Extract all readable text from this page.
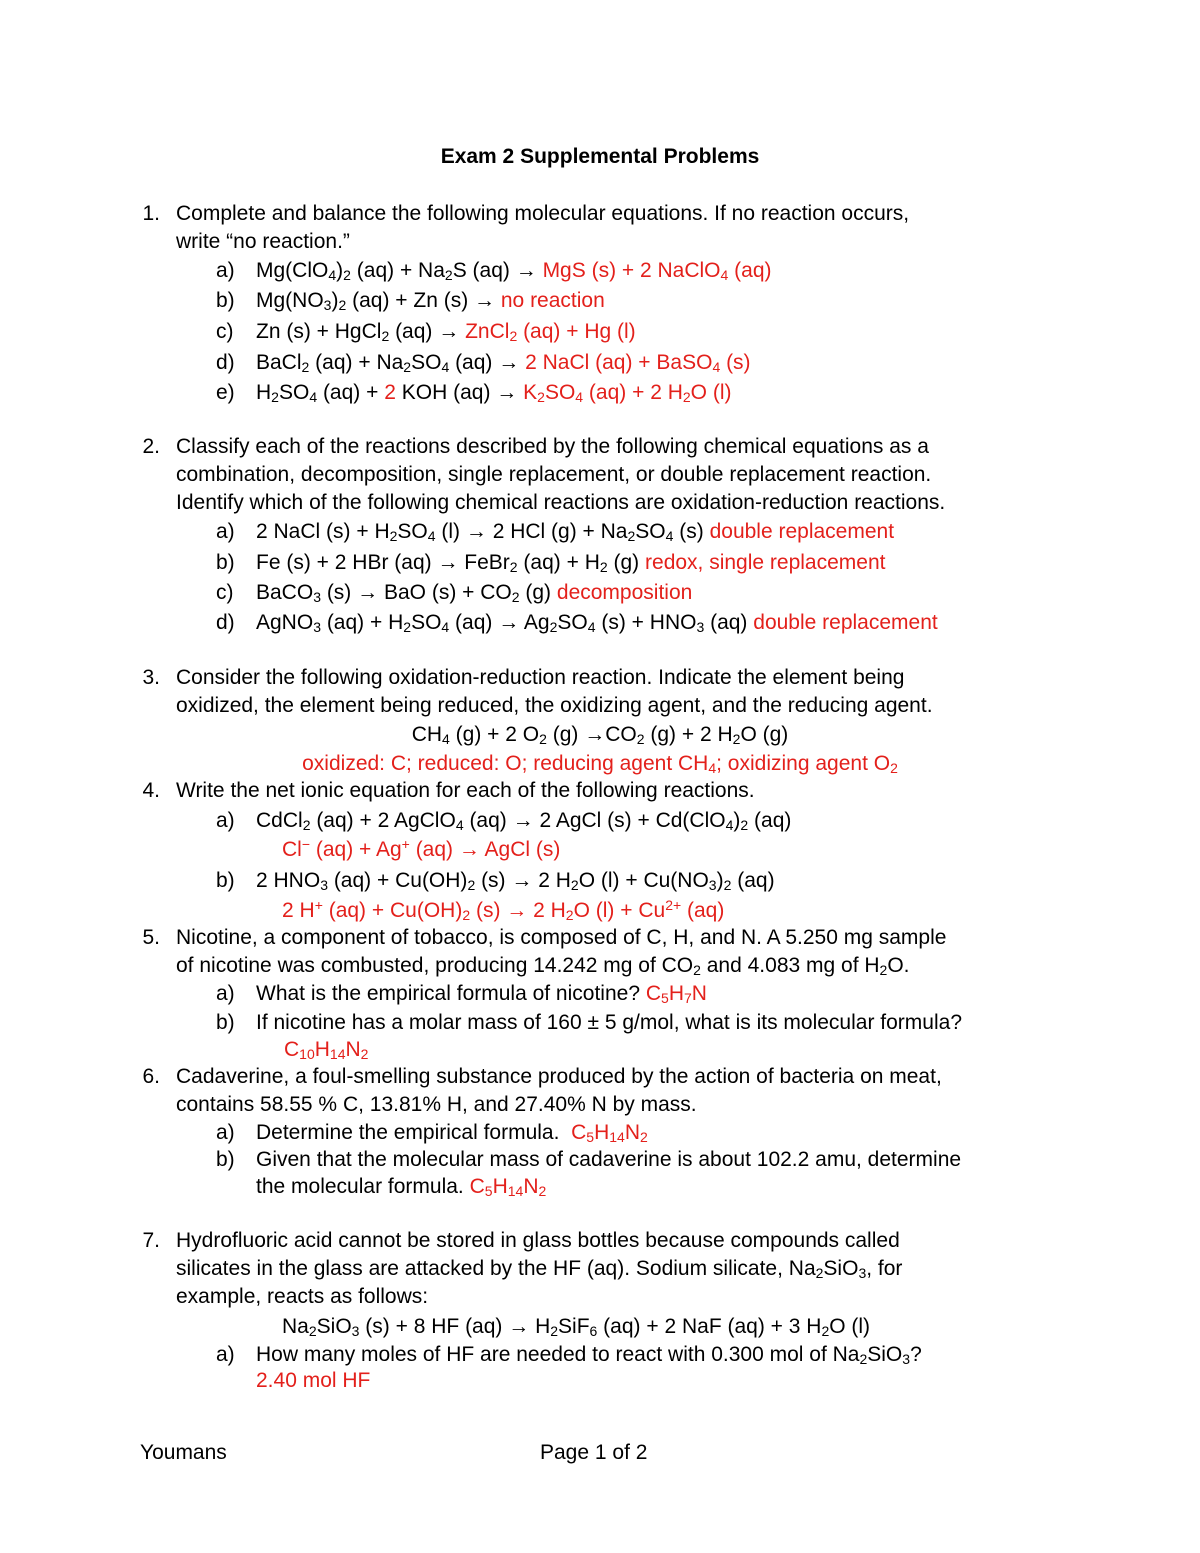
Exam 2 Supplemental Problems
1. Complete and balance the following molecular equations. If no reaction occurs,
write “no reaction.”
a) $Mg(ClO_4)_2$ $(aq) + Na_2S$ (aq) → MgS (s) + 2 NaClO$_4$ (aq)
b) $Mg(NO_3)_2$ (aq) + Zn (s) → no reaction
c) Zn (s) + HgCl$_2$ (aq) → ZnCl$_2$ (aq) + Hg (l)
d) BaCl$_2$ $(aq) + Na_2SO_4$ (aq) → 2 NaCl (aq) + BaSO$_4$ (s)
e) $H_2SO_4$ (aq) + 2 KOH $(aq) \to K_2SO_4$ (aq) + 2 $H_2O$ (l)
2. Classify each of the reactions described by the following chemical equations as a
combination, decomposition, single replacement, or double replacement reaction.
Identify which of the following chemical reactions are oxidation-reduction reactions.
a) 2 NaCl $(s) + H_2SO_4$ (l) → 2 HCl $(g) + Na_2SO_4$ (s) double replacement
b) Fe (s) + 2 HBr (aq) → FeBr$_2$ $(aq) + H_2$ (g) redox, single replacement
c) BaCO$_3$ (s) → BaO $(s) + CO_2$ (g) decomposition
d) AgNO$_3$ $(aq) + H_2SO_4$ $(aq) \to Ag_2SO_4$ $(s) + HNO_3$ (aq) double replacement
3. Consider the following oxidation-reduction reaction. Indicate the element being
oxidized, the element being reduced, the oxidizing agent, and the reducing agent.
$CH_4$ (g) + 2 $O_2$ $(g) \to CO_2$ (g) + 2 $H_2O$ (g)
oxidized: C; reduced: O; reducing agent $CH_4$; oxidizing agent $O_2$
4. Write the net ionic equation for each of the following reactions.
a) CdCl$_2$ (aq) + 2 AgClO$_4$ (aq) → 2 AgCl $(s) + Cd(ClO_4)_2$ (aq)
Cl− (aq) + Ag+ (aq) → AgCl (s)
b) 2 $HNO_3$ $(aq) + Cu(OH)_2$ (s) → 2 $H_2O$ $(l) + Cu(NO_3)_2$ (aq)
2 H+ $(aq) + Cu(OH)_2$ (s) → 2 $H_2O$ $(l) + Cu^{2+}$ (aq)
5. Nicotine, a component of tobacco, is composed of C, H, and N. A 5.250 mg sample
of nicotine was combusted, producing 14.242 mg of $CO_2$ and 4.083 mg of $H_2O$.
a) What is the empirical formula of nicotine? $C_5H_7N$
b) If nicotine has a molar mass of 160 ± 5 g/mol, what is its molecular formula?
$C_{10}H_{14}N_2$
6. Cadaverine, a foul-smelling substance produced by the action of bacteria on meat,
contains 58.55 % C, 13.81% H, and 27.40% N by mass.
a) Determine the empirical formula. $C_5H_{14}N_2$
b) Given that the molecular mass of cadaverine is about 102.2 amu, determine
the molecular formula. $C_5H_{14}N_2$
7. Hydrofluoric acid cannot be stored in glass bottles because compounds called
silicates in the glass are attacked by the HF (aq). Sodium silicate, $Na_2SiO_3$, for
example, reacts as follows:
$Na_2SiO_3$ (s) + 8 HF $(aq) \to H_2SiF_6$ (aq) + 2 NaF (aq) + 3 $H_2O$ (l)
a) How many moles of HF are needed to react with 0.300 mol of $Na_2SiO_3$?
2.40 mol HF
Youmans	Page 1 of 2
